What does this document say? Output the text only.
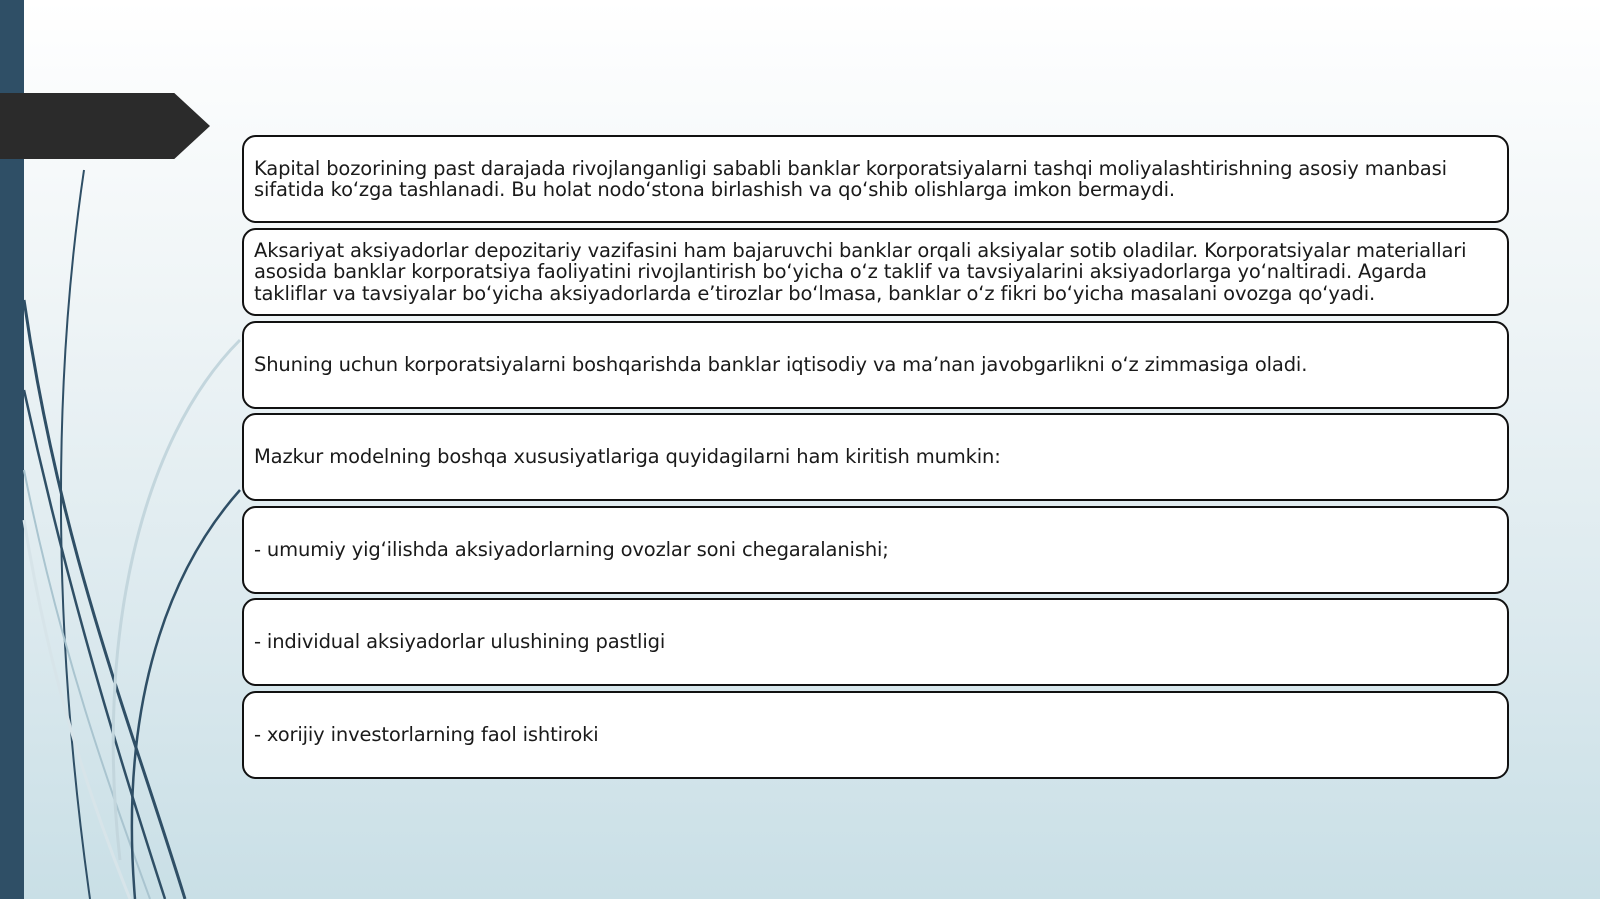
Kapital bozorining past darajada rivojlanganligi sababli banklar korporatsiyalarni tashqi moliyalashtirishning asosiy manbasi sifatida ko‘zga tashlanadi. Bu holat nodo‘stona birlashish va qo‘shib olishlarga imkon bermaydi.
Aksariyat aksiyadorlar depozitariy vazifasini ham bajaruvchi banklar orqali aksiyalar sotib oladilar. Korporatsiyalar materiallari asosida banklar korporatsiya faoliyatini rivojlantirish bo‘yicha o‘z taklif va tavsiyalarini aksiyadorlarga yo‘naltiradi. Agarda takliflar va tavsiyalar bo‘yicha aksiyadorlarda e’tirozlar bo‘lmasa, banklar o‘z fikri bo‘yicha masalani ovozga qo‘yadi.
Shuning uchun korporatsiyalarni boshqarishda banklar iqtisodiy va ma’nan javobgarlikni o‘z zimmasiga oladi.
Mazkur modelning boshqa xususiyatlariga quyidagilarni ham kiritish mumkin:
- umumiy yig‘ilishda aksiyadorlarning ovozlar soni chegaralanishi;
- individual aksiyadorlar ulushining pastligi
- xorijiy investorlarning faol ishtiroki
